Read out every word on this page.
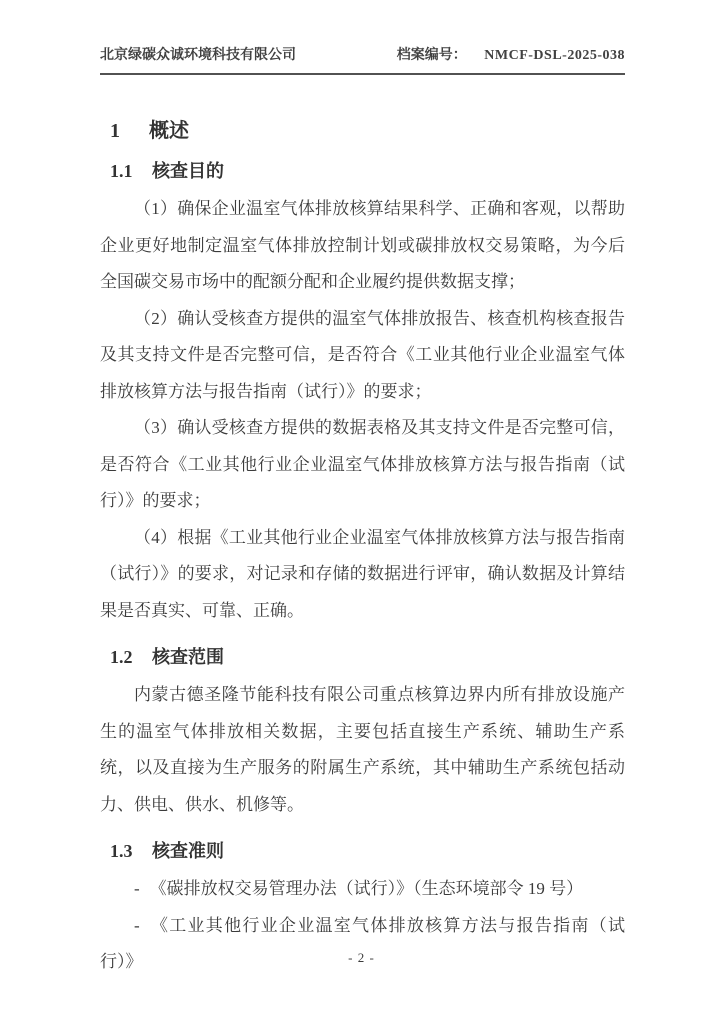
北京绿碳众诚环境科技有限公司	档案编号： NMCF-DSL-2025-038
1 概述
1.1 核查目的

（1）确保企业温室气体排放核算结果科学、正确和客观，以帮助企业更好地制定温室气体排放控制计划或碳排放权交易策略，为今后全国碳交易市场中的配额分配和企业履约提供数据支撑；

（2）确认受核查方提供的温室气体排放报告、核查机构核查报告及其支持文件是否完整可信，是否符合《工业其他行业企业温室气体排放核算方法与报告指南（试行）》的要求；

（3）确认受核查方提供的数据表格及其支持文件是否完整可信，是否符合《工业其他行业企业温室气体排放核算方法与报告指南（试行）》的要求；

（4）根据《工业其他行业企业温室气体排放核算方法与报告指南（试行）》的要求，对记录和存储的数据进行评审，确认数据及计算结果是否真实、可靠、正确。

1.2 核查范围

内蒙古德圣隆节能科技有限公司重点核算边界内所有排放设施产生的温室气体排放相关数据，主要包括直接生产系统、辅助生产系统，以及直接为生产服务的附属生产系统，其中辅助生产系统包括动力、供电、供水、机修等。

1.3 核查准则

- 《碳排放权交易管理办法（试行）》（生态环境部令 19 号）

- 《工业其他行业企业温室气体排放核算方法与报告指南（试行）》	- 2 -
